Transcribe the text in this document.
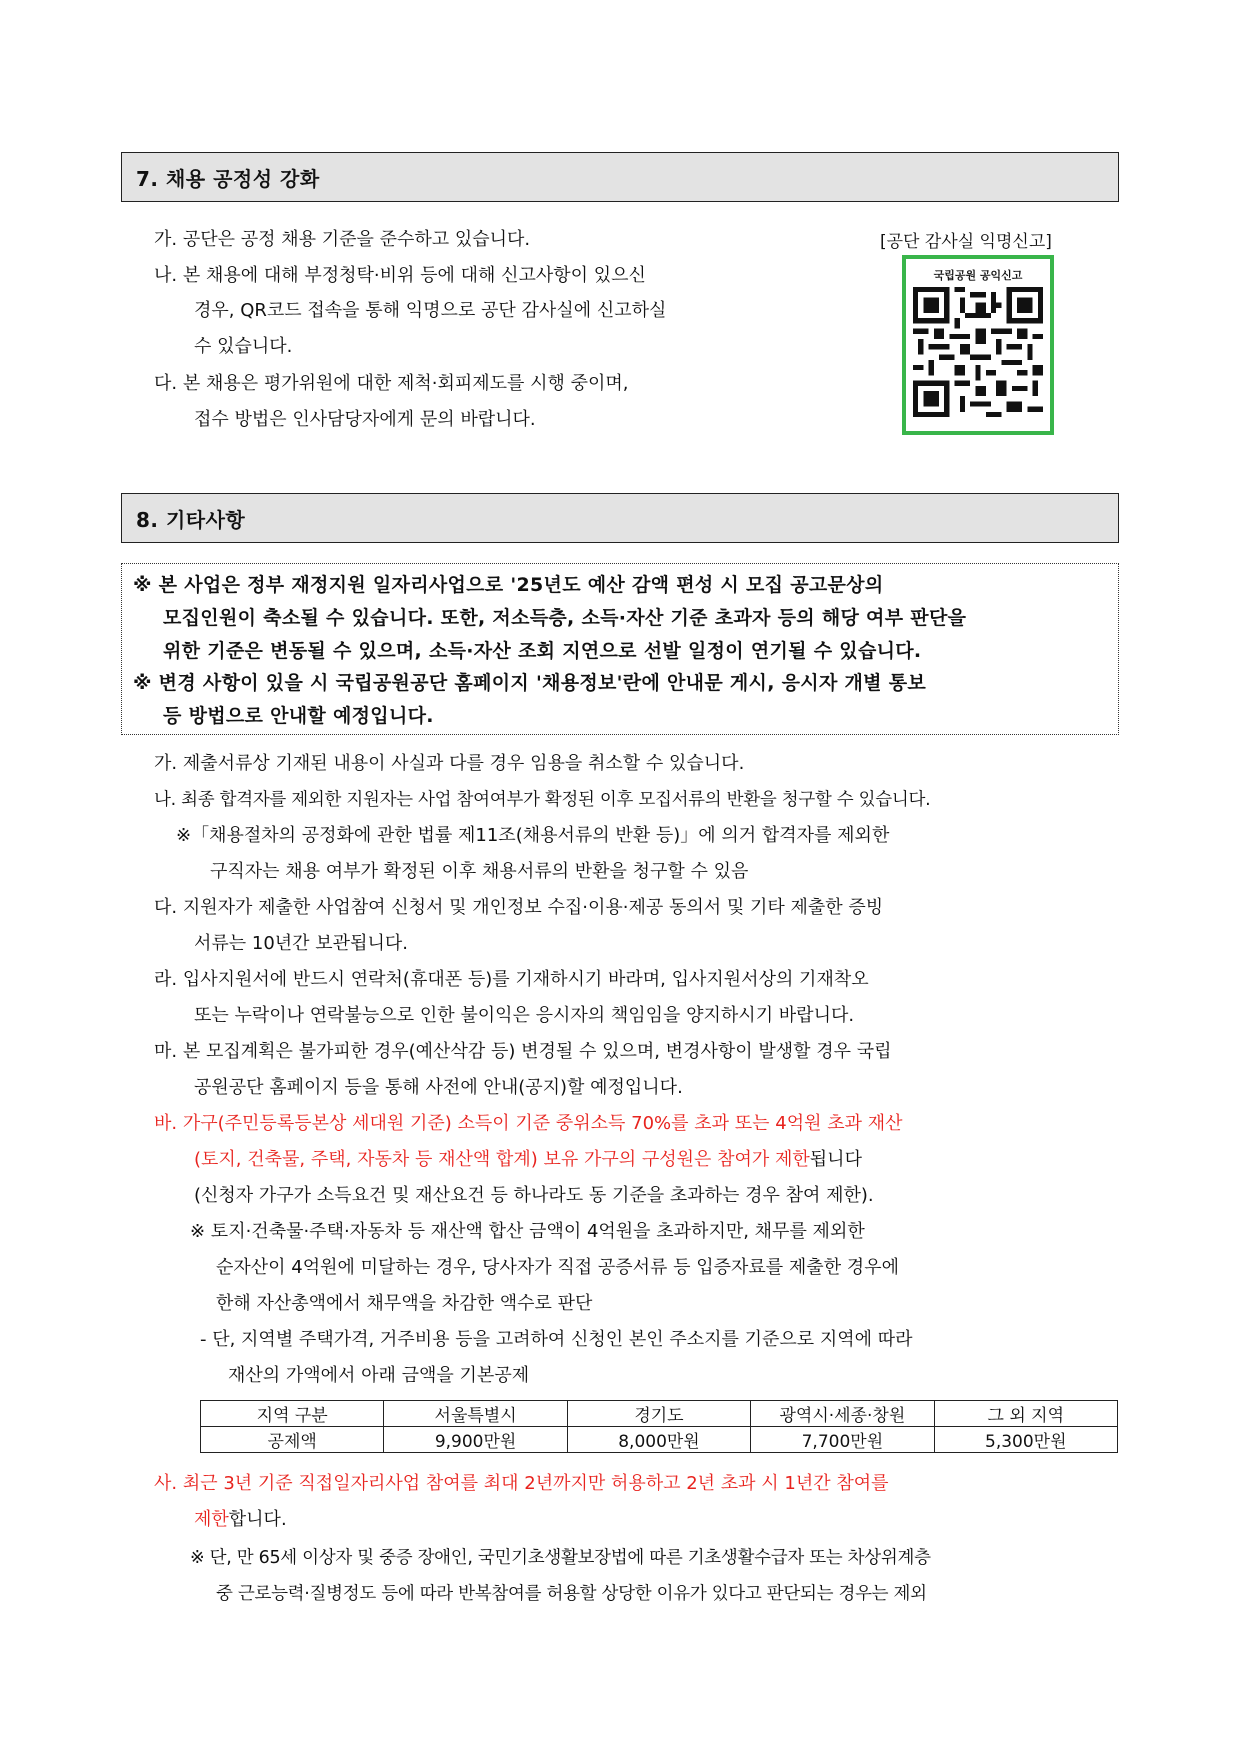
7. 채용 공정성 강화
가. 공단은 공정 채용 기준을 준수하고 있습니다.
나. 본 채용에 대해 부정청탁·비위 등에 대해 신고사항이 있으신
경우, QR코드 접속을 통해 익명으로 공단 감사실에 신고하실
수 있습니다.
다. 본 채용은 평가위원에 대한 제척·회피제도를 시행 중이며,
접수 방법은 인사담당자에게 문의 바랍니다.
[공단 감사실 익명신고]
국립공원 공익신고
8. 기타사항
※ 본 사업은 정부 재정지원 일자리사업으로 '25년도 예산 감액 편성 시 모집 공고문상의
모집인원이 축소될 수 있습니다. 또한, 저소득층, 소득·자산 기준 초과자 등의 해당 여부 판단을
위한 기준은 변동될 수 있으며, 소득·자산 조회 지연으로 선발 일정이 연기될 수 있습니다.
※ 변경 사항이 있을 시 국립공원공단 홈페이지 '채용정보'란에 안내문 게시, 응시자 개별 통보
등 방법으로 안내할 예정입니다.
가. 제출서류상 기재된 내용이 사실과 다를 경우 임용을 취소할 수 있습니다.
나. 최종 합격자를 제외한 지원자는 사업 참여여부가 확정된 이후 모집서류의 반환을 청구할 수 있습니다.
※「채용절차의 공정화에 관한 법률 제11조(채용서류의 반환 등)」에 의거 합격자를 제외한
구직자는 채용 여부가 확정된 이후 채용서류의 반환을 청구할 수 있음
다. 지원자가 제출한 사업참여 신청서 및 개인정보 수집·이용·제공 동의서 및 기타 제출한 증빙
서류는 10년간 보관됩니다.
라. 입사지원서에 반드시 연락처(휴대폰 등)를 기재하시기 바라며, 입사지원서상의 기재착오
또는 누락이나 연락불능으로 인한 불이익은 응시자의 책임임을 양지하시기 바랍니다.
마. 본 모집계획은 불가피한 경우(예산삭감 등) 변경될 수 있으며, 변경사항이 발생할 경우 국립
공원공단 홈페이지 등을 통해 사전에 안내(공지)할 예정입니다.
바. 가구(주민등록등본상 세대원 기준) 소득이 기준 중위소득 70%를 초과 또는 4억원 초과 재산
(토지, 건축물, 주택, 자동차 등 재산액 합계) 보유 가구의 구성원은 참여가 제한됩니다
(신청자 가구가 소득요건 및 재산요건 등 하나라도 동 기준을 초과하는 경우 참여 제한).
※ 토지·건축물·주택·자동차 등 재산액 합산 금액이 4억원을 초과하지만, 채무를 제외한
순자산이 4억원에 미달하는 경우, 당사자가 직접 공증서류 등 입증자료를 제출한 경우에
한해 자산총액에서 채무액을 차감한 액수로 판단
- 단, 지역별 주택가격, 거주비용 등을 고려하여 신청인 본인 주소지를 기준으로 지역에 따라
재산의 가액에서 아래 금액을 기본공제
지역 구분	서울특별시	경기도	광역시·세종·창원	그 외 지역
공제액	9,900만원	8,000만원	7,700만원	5,300만원
사. 최근 3년 기준 직접일자리사업 참여를 최대 2년까지만 허용하고 2년 초과 시 1년간 참여를
제한합니다.
※ 단, 만 65세 이상자 및 중증 장애인, 국민기초생활보장법에 따른 기초생활수급자 또는 차상위계층
중 근로능력·질병정도 등에 따라 반복참여를 허용할 상당한 이유가 있다고 판단되는 경우는 제외
